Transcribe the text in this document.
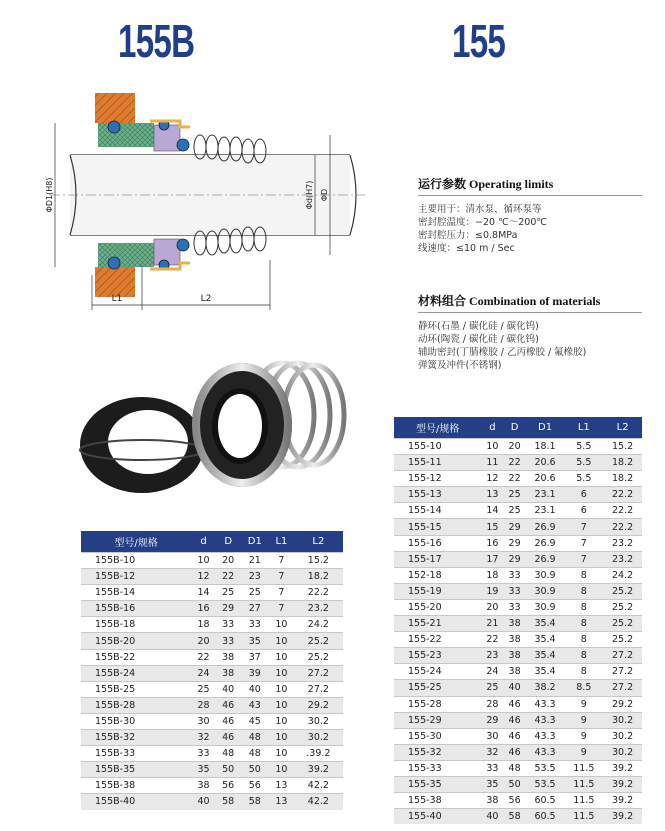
155B	155
ΦD1(H8)	Φd(H7) ΦD
L1	L2
运行参数 Operating limits
主要用于：清水泵、循环泵等
密封腔温度：−20 ℃～200℃
密封腔压力：≤0.8MPa
线速度：≤10 m / Sec
材料组合 Combination of materials
静环(石墨 / 碳化硅 / 碳化钨)
动环(陶瓷 / 碳化硅 / 碳化钨)
辅助密封(丁腈橡胶 / 乙丙橡胶 / 氟橡胶)
弹簧及冲件(不锈钢)
型号/规格	d	D	D1	L1	L2
155B-10	10	20	21	7	15.2
155B-12	12	22	23	7	18.2
155B-14	14	25	25	7	22.2
155B-16	16	29	27	7	23.2
155B-18	18	33	33	10	24.2
155B-20	20	33	35	10	25.2
155B-22	22	38	37	10	25.2
155B-24	24	38	39	10	27.2
155B-25	25	40	40	10	27.2
155B-28	28	46	43	10	29.2
155B-30	30	46	45	10	30.2
155B-32	32	46	48	10	30.2
155B-33	33	48	48	10	.39.2
155B-35	35	50	50	10	39.2
155B-38	38	56	56	13	42.2
155B-40	40	58	58	13	42.2
型号/规格	d	D	D1	L1	L2
155-10	10	20	18.1	5.5	15.2
155-11	11	22	20.6	5.5	18.2
155-12	12	22	20.6	5.5	18.2
155-13	13	25	23.1	6	22.2
155-14	14	25	23.1	6	22.2
155-15	15	29	26.9	7	22.2
155-16	16	29	26.9	7	23.2
155-17	17	29	26.9	7	23.2
152-18	18	33	30.9	8	24.2
155-19	19	33	30.9	8	25.2
155-20	20	33	30.9	8	25.2
155-21	21	38	35.4	8	25.2
155-22	22	38	35.4	8	25.2
155-23	23	38	35.4	8	27.2
155-24	24	38	35.4	8	27.2
155-25	25	40	38.2	8.5	27.2
155-28	28	46	43.3	9	29.2
155-29	29	46	43.3	9	30.2
155-30	30	46	43.3	9	30.2
155-32	32	46	43.3	9	30.2
155-33	33	48	53.5	11.5	39.2
155-35	35	50	53.5	11.5	39.2
155-38	38	56	60.5	11.5	39.2
155-40	40	58	60.5	11.5	39.2
